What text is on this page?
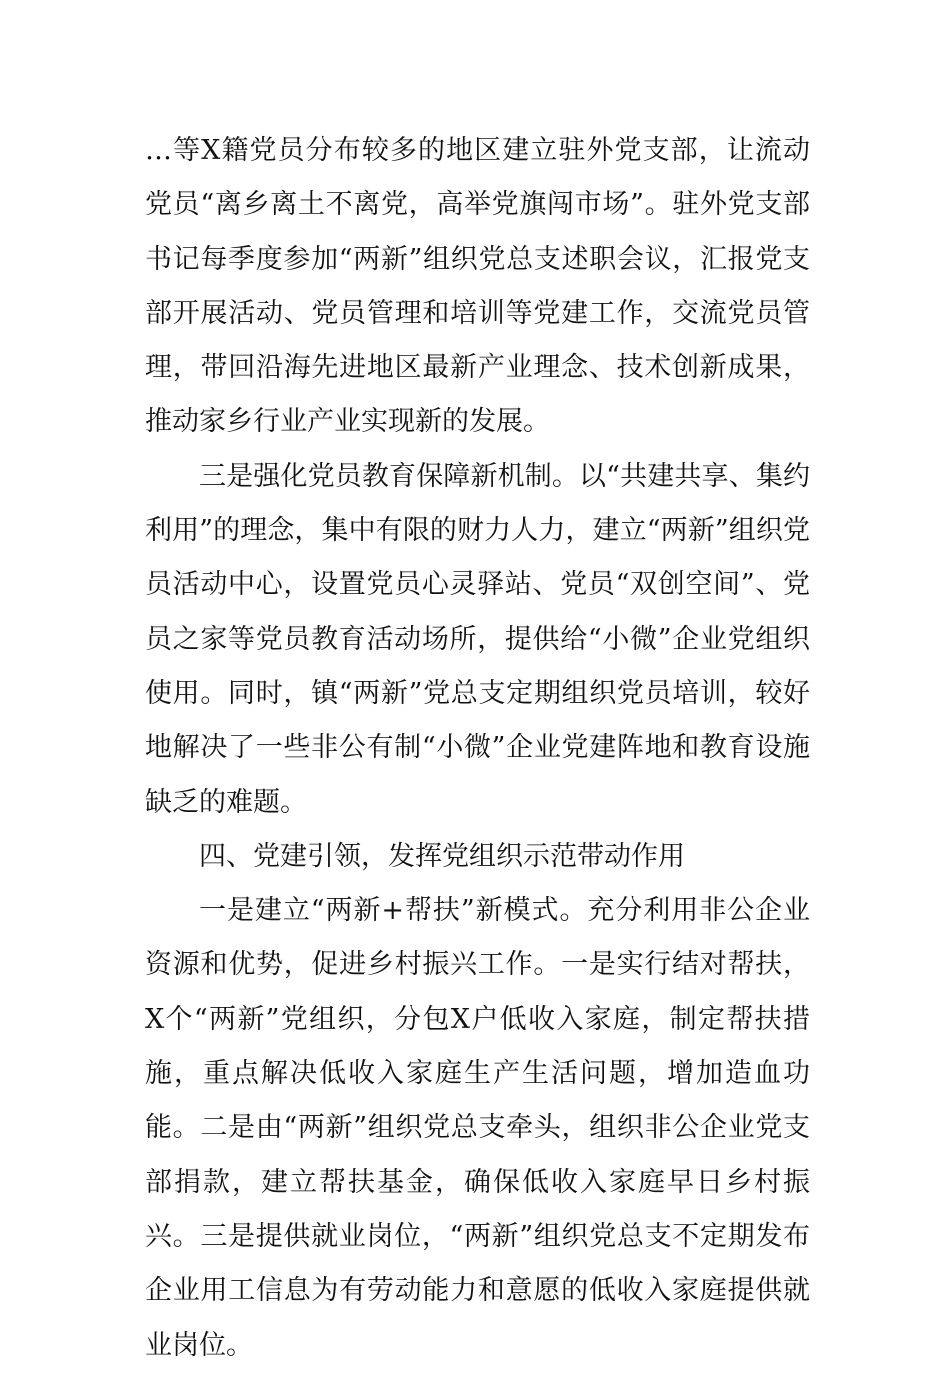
…等X籍党员分布较多的地区建立驻外党支部，让流动党员“离乡离土不离党，高举党旗闯市场”。驻外党支部书记每季度参加“两新”组织党总支述职会议，汇报党支部开展活动、党员管理和培训等党建工作，交流党员管理，带回沿海先进地区最新产业理念、技术创新成果，推动家乡行业产业实现新的发展。

三是强化党员教育保障新机制。以“共建共享、集约利用”的理念，集中有限的财力人力，建立“两新”组织党员活动中心，设置党员心灵驿站、党员“双创空间”、党员之家等党员教育活动场所，提供给“小微”企业党组织使用。同时，镇“两新”党总支定期组织党员培训，较好地解决了一些非公有制“小微”企业党建阵地和教育设施缺乏的难题。

四、党建引领，发挥党组织示范带动作用

一是建立“两新+帮扶”新模式。充分利用非公企业资源和优势，促进乡村振兴工作。一是实行结对帮扶，X个“两新”党组织，分包X户低收入家庭，制定帮扶措施，重点解决低收入家庭生产生活问题，增加造血功能。二是由“两新”组织党总支牵头，组织非公企业党支部捐款，建立帮扶基金，确保低收入家庭早日乡村振兴。三是提供就业岗位，“两新”组织党总支不定期发布企业用工信息为有劳动能力和意愿的低收入家庭提供就业岗位。
